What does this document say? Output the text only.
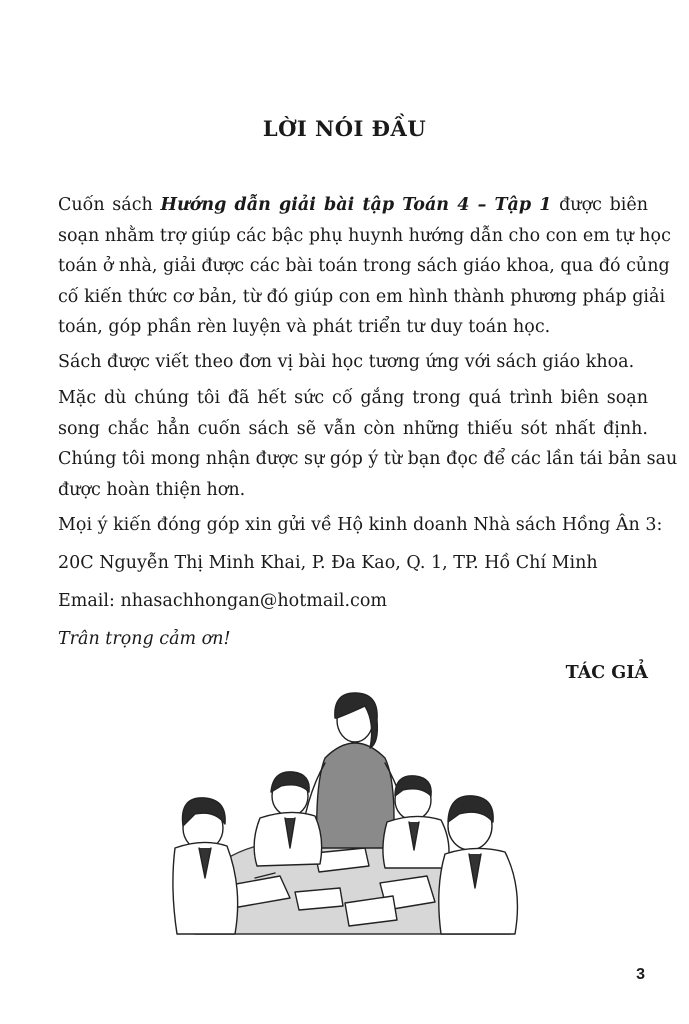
LỜI NÓI ĐẦU
Cuốn sách Hướng dẫn giải bài tập Toán 4 – Tập 1 được biên
soạn nhằm trợ giúp các bậc phụ huynh hướng dẫn cho con em tự học
toán ở nhà, giải được các bài toán trong sách giáo khoa, qua đó củng
cố kiến thức cơ bản, từ đó giúp con em hình thành phương pháp giải
toán, góp phần rèn luyện và phát triển tư duy toán học.
Sách được viết theo đơn vị bài học tương ứng với sách giáo khoa.
Mặc dù chúng tôi đã hết sức cố gắng trong quá trình biên soạn
song chắc hẳn cuốn sách sẽ vẫn còn những thiếu sót nhất định.
Chúng tôi mong nhận được sự góp ý từ bạn đọc để các lần tái bản sau
được hoàn thiện hơn.
Mọi ý kiến đóng góp xin gửi về Hộ kinh doanh Nhà sách Hồng Ân 3:
20C Nguyễn Thị Minh Khai, P. Đa Kao, Q. 1, TP. Hồ Chí Minh
Email: nhasachhongan@hotmail.com
Trân trọng cảm ơn!
TÁC GIẢ
3
